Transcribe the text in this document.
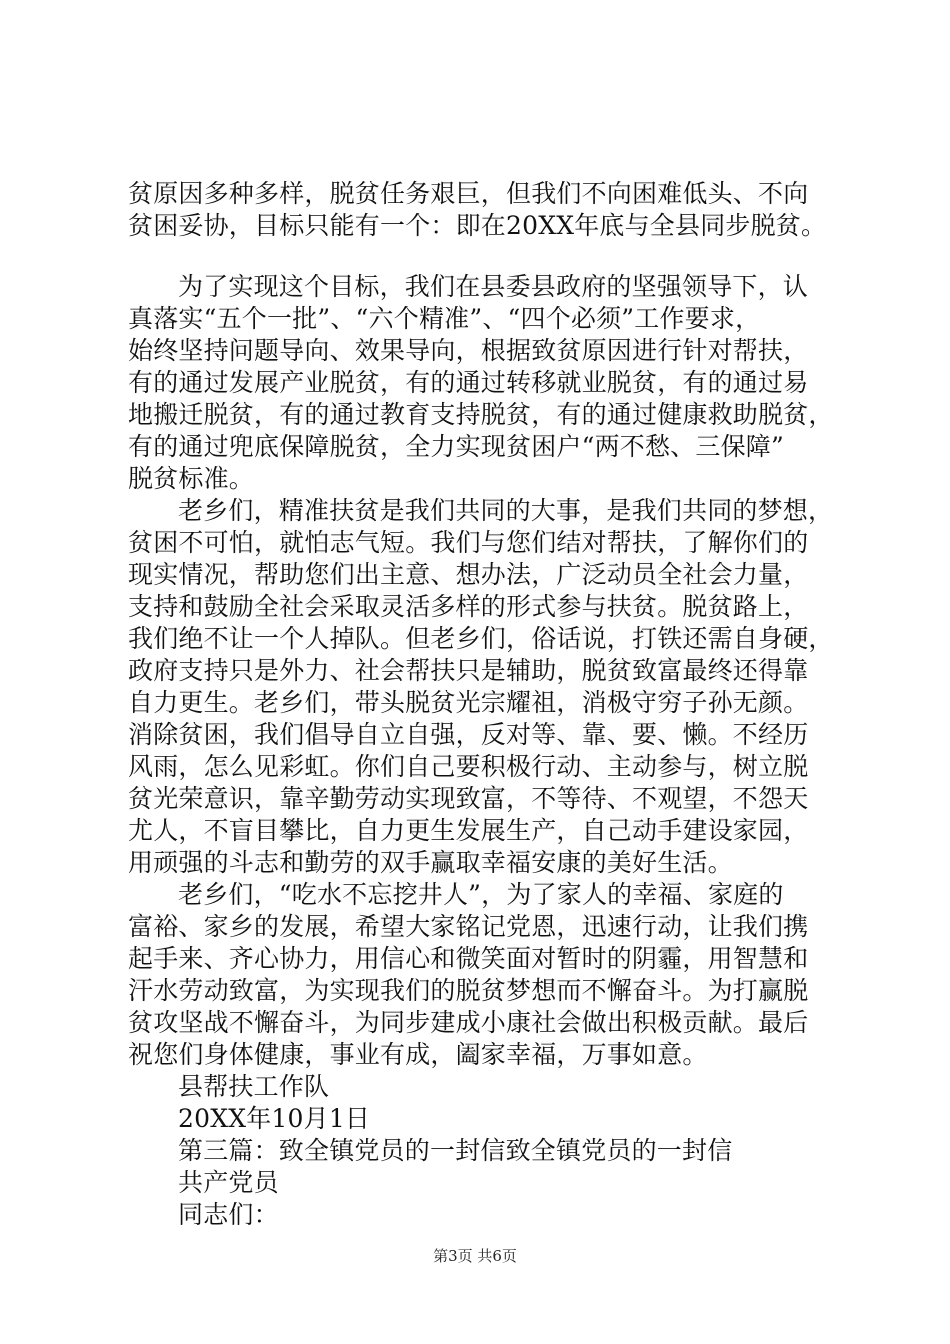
贫原因多种多样，脱贫任务艰巨，但我们不向困难低头、不向
贫困妥协，目标只能有一个：即在20XX年底与全县同步脱贫。
为了实现这个目标，我们在县委县政府的坚强领导下，认
真落实“五个一批”、“六个精准”、“四个必须”工作要求，
始终坚持问题导向、效果导向，根据致贫原因进行针对帮扶，
有的通过发展产业脱贫，有的通过转移就业脱贫，有的通过易
地搬迁脱贫，有的通过教育支持脱贫，有的通过健康救助脱贫，
有的通过兜底保障脱贫，全力实现贫困户“两不愁、三保障”
脱贫标准。
老乡们，精准扶贫是我们共同的大事，是我们共同的梦想，
贫困不可怕，就怕志气短。我们与您们结对帮扶，了解你们的
现实情况，帮助您们出主意、想办法，广泛动员全社会力量，
支持和鼓励全社会采取灵活多样的形式参与扶贫。脱贫路上，
我们绝不让一个人掉队。但老乡们，俗话说，打铁还需自身硬，
政府支持只是外力、社会帮扶只是辅助，脱贫致富最终还得靠
自力更生。老乡们，带头脱贫光宗耀祖，消极守穷子孙无颜。
消除贫困，我们倡导自立自强，反对等、靠、要、懒。不经历
风雨，怎么见彩虹。你们自己要积极行动、主动参与，树立脱
贫光荣意识，靠辛勤劳动实现致富，不等待、不观望，不怨天
尤人，不盲目攀比，自力更生发展生产，自己动手建设家园，
用顽强的斗志和勤劳的双手赢取幸福安康的美好生活。
老乡们，“吃水不忘挖井人”，为了家人的幸福、家庭的
富裕、家乡的发展，希望大家铭记党恩，迅速行动，让我们携
起手来、齐心协力，用信心和微笑面对暂时的阴霾，用智慧和
汗水劳动致富，为实现我们的脱贫梦想而不懈奋斗。为打赢脱
贫攻坚战不懈奋斗，为同步建成小康社会做出积极贡献。最后
祝您们身体健康，事业有成，阖家幸福，万事如意。
县帮扶工作队
20XX年10月1日
第三篇：致全镇党员的一封信致全镇党员的一封信
共产党员
同志们：
第3页 共6页
